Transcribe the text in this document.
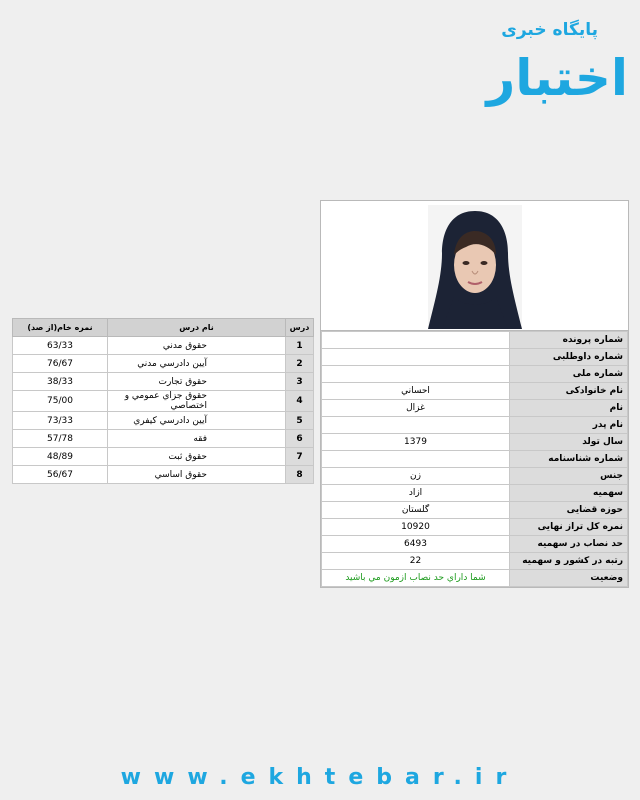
پایگاه خبری
اختبار
	شماره پرونده
	شماره داوطلبی
	شماره ملی
احساني	نام خانوادکی
غزال	نام
	نام پدر
1379	سال تولد
	شماره شناسنامه
زن	جنس
ازاد	سهمیه
گلستان	حوزه قضایی
10920	نمره کل تراز نهایی
6493	حد نصاب در سهمیه
22	رتبه در کشور و سهمیه
شما داراي حد نصاب ازمون مي باشيد	وضعیت
نمره خام(از صد)	نام درس	درس
63/33	حقوق مدني	1
76/67	آيين دادرسي مدني	2
38/33	حقوق تجارت	3
75/00	حقوق جزاي عمومي و اختصاصي	4
73/33	آيين دادرسي كيفري	5
57/78	فقه	6
48/89	حقوق ثبت	7
56/67	حقوق اساسي	8
www.ekhtebar.ir
